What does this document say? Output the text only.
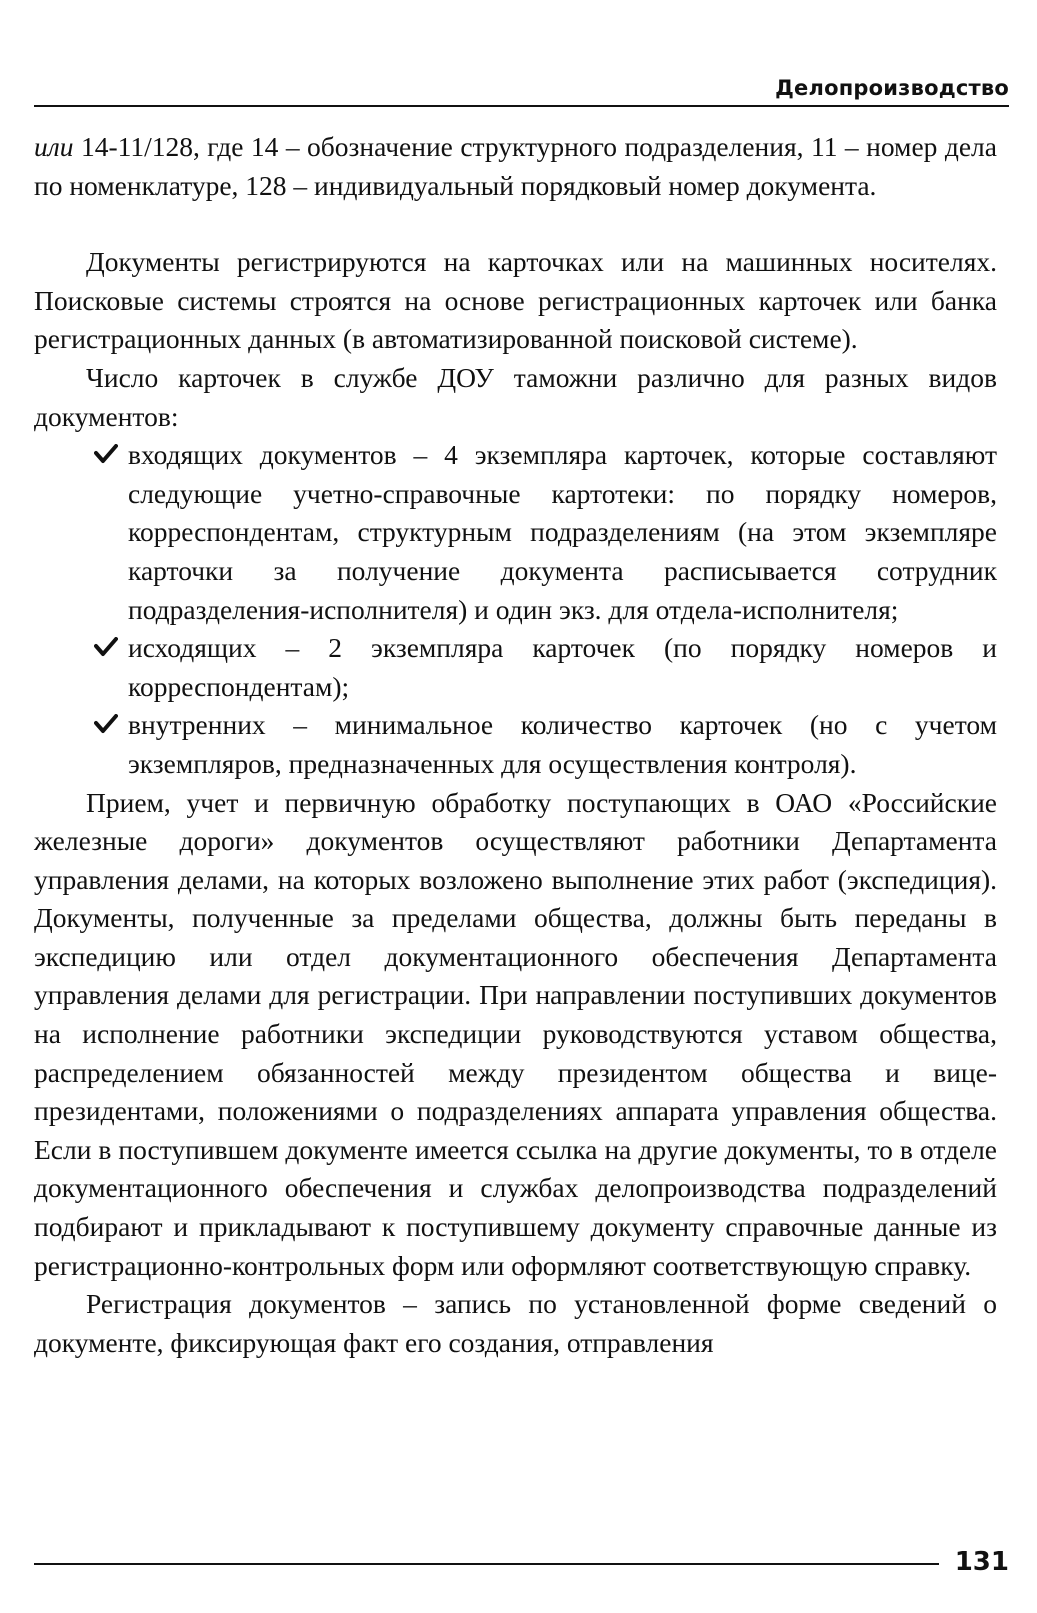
Делопроизводство

или 14-11/128, где 14 – обозначение структурного подразделения, 11 – номер дела по номенклатуре, 128 – индивидуальный порядковый номер документа.

Документы регистрируются на карточках или на машинных носителях. Поисковые системы строятся на основе регистрационных карточек или банка регистрационных данных (в автоматизированной поисковой системе).

Число карточек в службе ДОУ таможни различно для разных видов документов:

входящих документов – 4 экземпляра карточек, которые составляют следующие учетно-справочные картотеки: по порядку номеров, корреспондентам, структурным подразделениям (на этом экземпляре карточки за получение документа расписывается сотрудник подразделения-исполнителя) и один экз. для отдела-исполнителя;
исходящих – 2 экземпляра карточек (по порядку номеров и корреспондентам);
внутренних – минимальное количество карточек (но с учетом экземпляров, предназначенных для осуществления контроля).

Прием, учет и первичную обработку поступающих в ОАО «Российские железные дороги» документов осуществляют работники Департамента управления делами, на которых возложено выполнение этих работ (экспедиция). Документы, полученные за пределами общества, должны быть переданы в экспедицию или отдел документационного обеспечения Департамента управления делами для регистрации. При направлении поступивших документов на исполнение работники экспедиции руководствуются уставом общества, распределением обязанностей между президентом общества и вице-президентами, положениями о подразделениях аппарата управления общества. Если в поступившем документе имеется ссылка на другие документы, то в отделе документационного обеспечения и службах делопроизводства подразделений подбирают и прикладывают к поступившему документу справочные данные из регистрационно-контрольных форм или оформляют соответствующую справку.

Регистрация документов – запись по установленной форме сведений о документе, фиксирующая факт его создания, отправления

131
